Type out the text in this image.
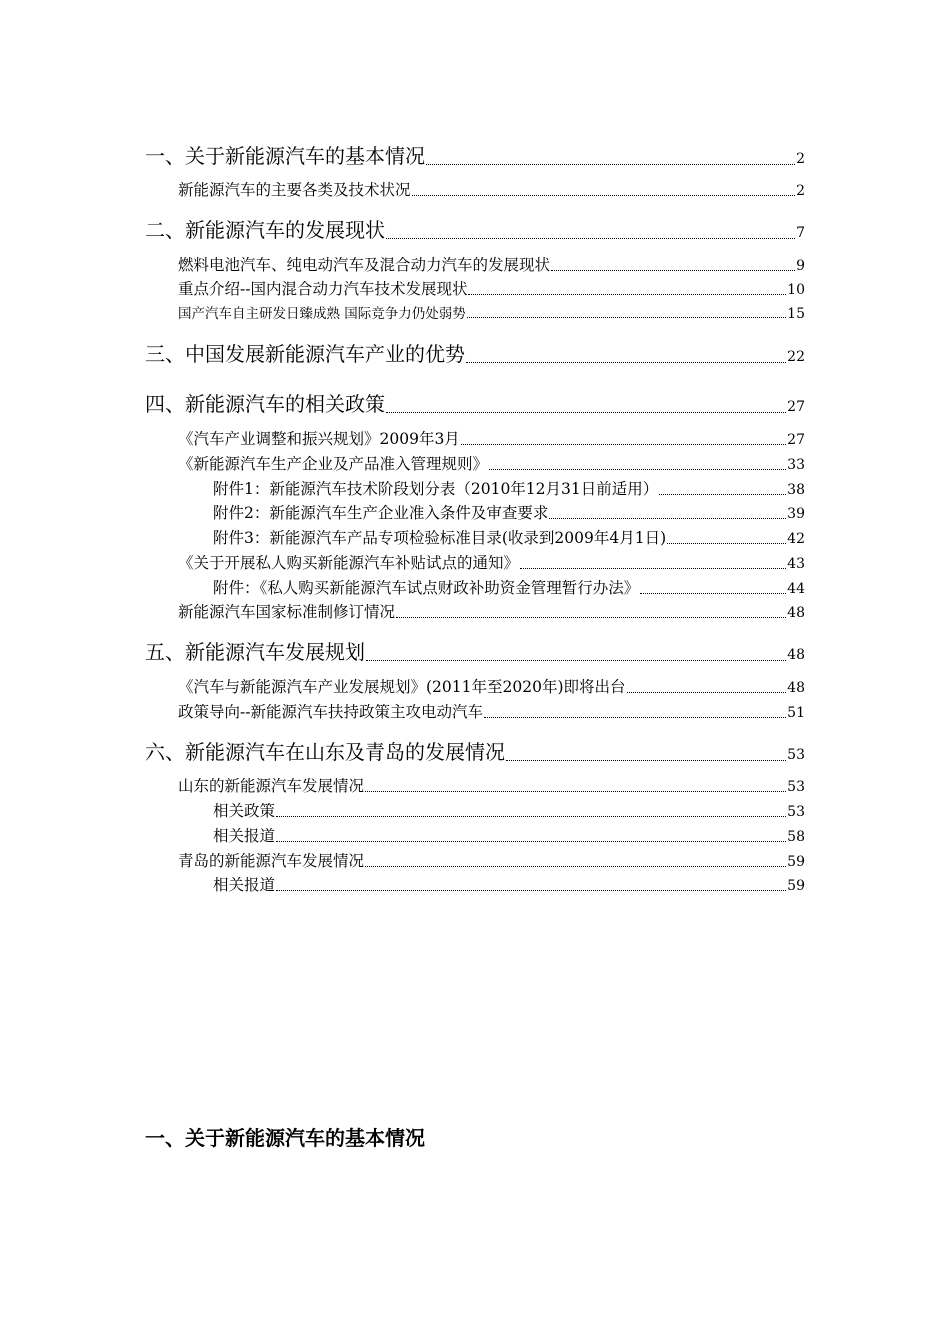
一、关于新能源汽车的基本情况	2
新能源汽车的主要各类及技术状况	2
二、新能源汽车的发展现状	7
燃料电池汽车、纯电动汽车及混合动力汽车的发展现状	9
重点介绍--国内混合动力汽车技术发展现状	10
国产汽车自主研发日臻成熟 国际竞争力仍处弱势	15
三、中国发展新能源汽车产业的优势	22
四、新能源汽车的相关政策	27
《汽车产业调整和振兴规划》2009年3月	27
《新能源汽车生产企业及产品准入管理规则》	33
附件1：新能源汽车技术阶段划分表（2010年12月31日前适用）	38
附件2：新能源汽车生产企业准入条件及审查要求	39
附件3：新能源汽车产品专项检验标准目录(收录到2009年4月1日)	42
《关于开展私人购买新能源汽车补贴试点的通知》	43
附件：《私人购买新能源汽车试点财政补助资金管理暂行办法》	44
新能源汽车国家标准制修订情况	48
五、新能源汽车发展规划	48
《汽车与新能源汽车产业发展规划》(2011年至2020年)即将出台	48
政策导向--新能源汽车扶持政策主攻电动汽车	51
六、新能源汽车在山东及青岛的发展情况	53
山东的新能源汽车发展情况	53
相关政策	53
相关报道	58
青岛的新能源汽车发展情况	59
相关报道	59
一、关于新能源汽车的基本情况
